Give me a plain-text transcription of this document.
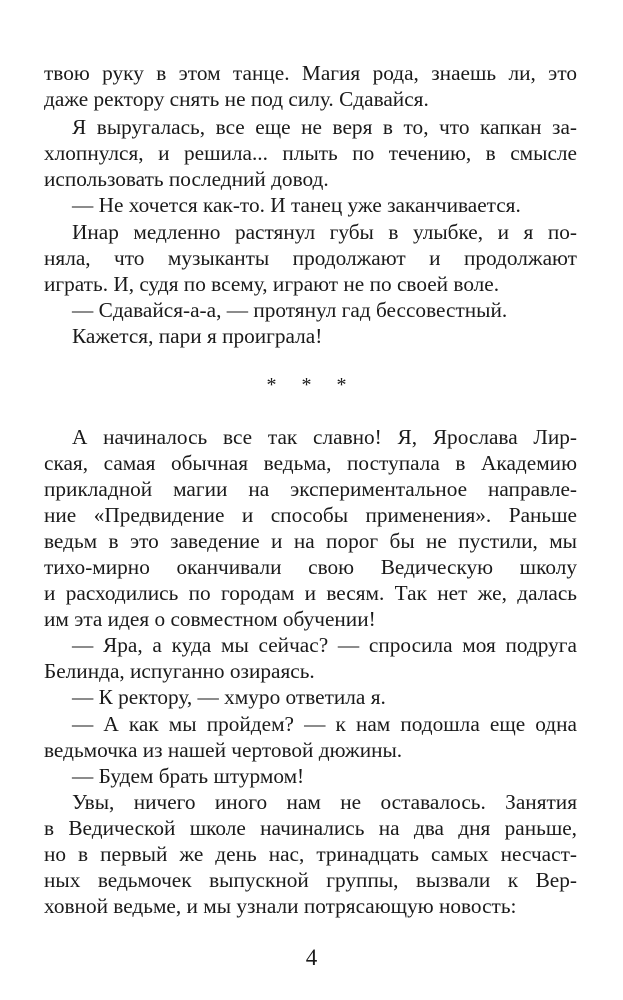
твою руку в этом танце. Магия рода, знаешь ли, это
даже ректору снять не под силу. Сдавайся.
Я выругалась, все еще не веря в то, что капкан за-
хлопнулся, и решила... плыть по течению, в смысле
использовать последний довод.
— Не хочется как-то. И танец уже заканчивается.
Инар медленно растянул губы в улыбке, и я по-
няла, что музыканты продолжают и продолжают
играть. И, судя по всему, играют не по своей воле.
— Сдавайся-а-а, — протянул гад бессовестный.
Кажется, пари я проиграла!
* * *
А начиналось все так славно! Я, Ярослава Лир-
ская, самая обычная ведьма, поступала в Академию
прикладной магии на экспериментальное направле-
ние «Предвидение и способы применения». Раньше
ведьм в это заведение и на порог бы не пустили, мы
тихо-мирно оканчивали свою Ведическую школу
и расходились по городам и весям. Так нет же, далась
им эта идея о совместном обучении!
— Яра, а куда мы сейчас? — спросила моя подруга
Белинда, испуганно озираясь.
— К ректору, — хмуро ответила я.
— А как мы пройдем? — к нам подошла еще одна
ведьмочка из нашей чертовой дюжины.
— Будем брать штурмом!
Увы, ничего иного нам не оставалось. Занятия
в Ведической школе начинались на два дня раньше,
но в первый же день нас, тринадцать самых несчаст-
ных ведьмочек выпускной группы, вызвали к Вер-
ховной ведьме, и мы узнали потрясающую новость:
4
